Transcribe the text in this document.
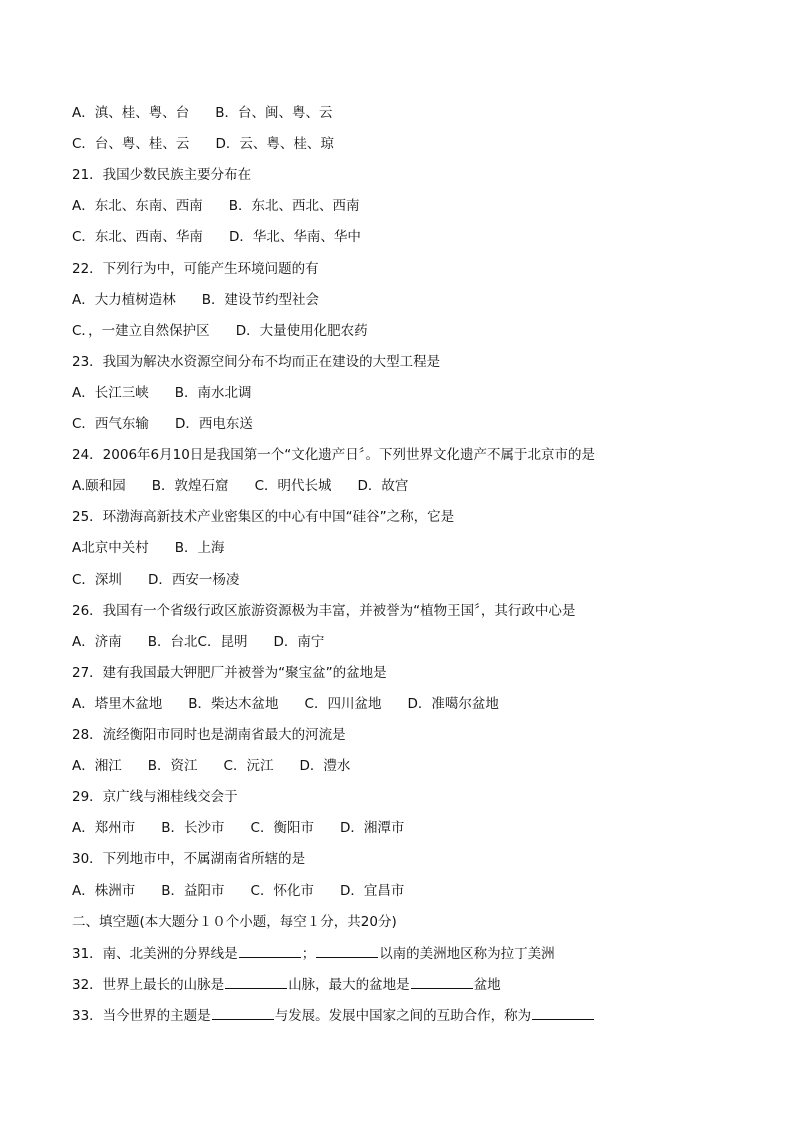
A．滇、桂、粤、台 B．台、闽、粤、云
C．台、粤、桂、云 D．云、粤、桂、琼
21．我国少数民族主要分布在
A．东北、东南、西南 B．东北、西北、西南
C．东北、西南、华南 D．华北、华南、华中
22．下列行为中，可能产生环境问题的有
A．大力植树造林 B．建设节约型社会
C．，一建立自然保护区 D．大量使用化肥农药
23．我国为解决水资源空间分布不均而正在建设的大型工程是
A．长江三峡 B．南水北调
C．西气东输 D．西电东送
24．2006年6月10日是我国第一个“文化遗产日〞。下列世界文化遗产不属于北京市的是
A.颐和园 B．敦煌石窟 C．明代长城 D．故宫
25．环渤海高新技术产业密集区的中心有中国“硅谷”之称，它是
A北京中关村 B．上海
C．深圳 D．西安一杨凌
26．我国有一个省级行政区旅游资源极为丰富，并被誉为“植物王国〞，其行政中心是
A．济南 B．台北C．昆明 D．南宁
27．建有我国最大钾肥厂并被誉为“聚宝盆”的盆地是
A．塔里木盆地 B．柴达木盆地 C．四川盆地 D．准噶尔盆地
28．流经衡阳市同时也是湖南省最大的河流是
A．湘江 B．资江 C．沅江 D．澧水
29．京广线与湘桂线交会于
A．郑州市 B．长沙市 C．衡阳市 D．湘潭市
30．下列地市中，不属湖南省所辖的是
A．株洲市 B．益阳市 C．怀化市 D．宜昌市
二、填空题(本大题分１０个小题，每空１分，共20分)
31．南、北美洲的分界线是	；	以南的美洲地区称为拉丁美洲
32．世界上最长的山脉是	山脉，最大的盆地是	盆地
33．当今世界的主题是	与发展。发展中国家之间的互助合作，称为
